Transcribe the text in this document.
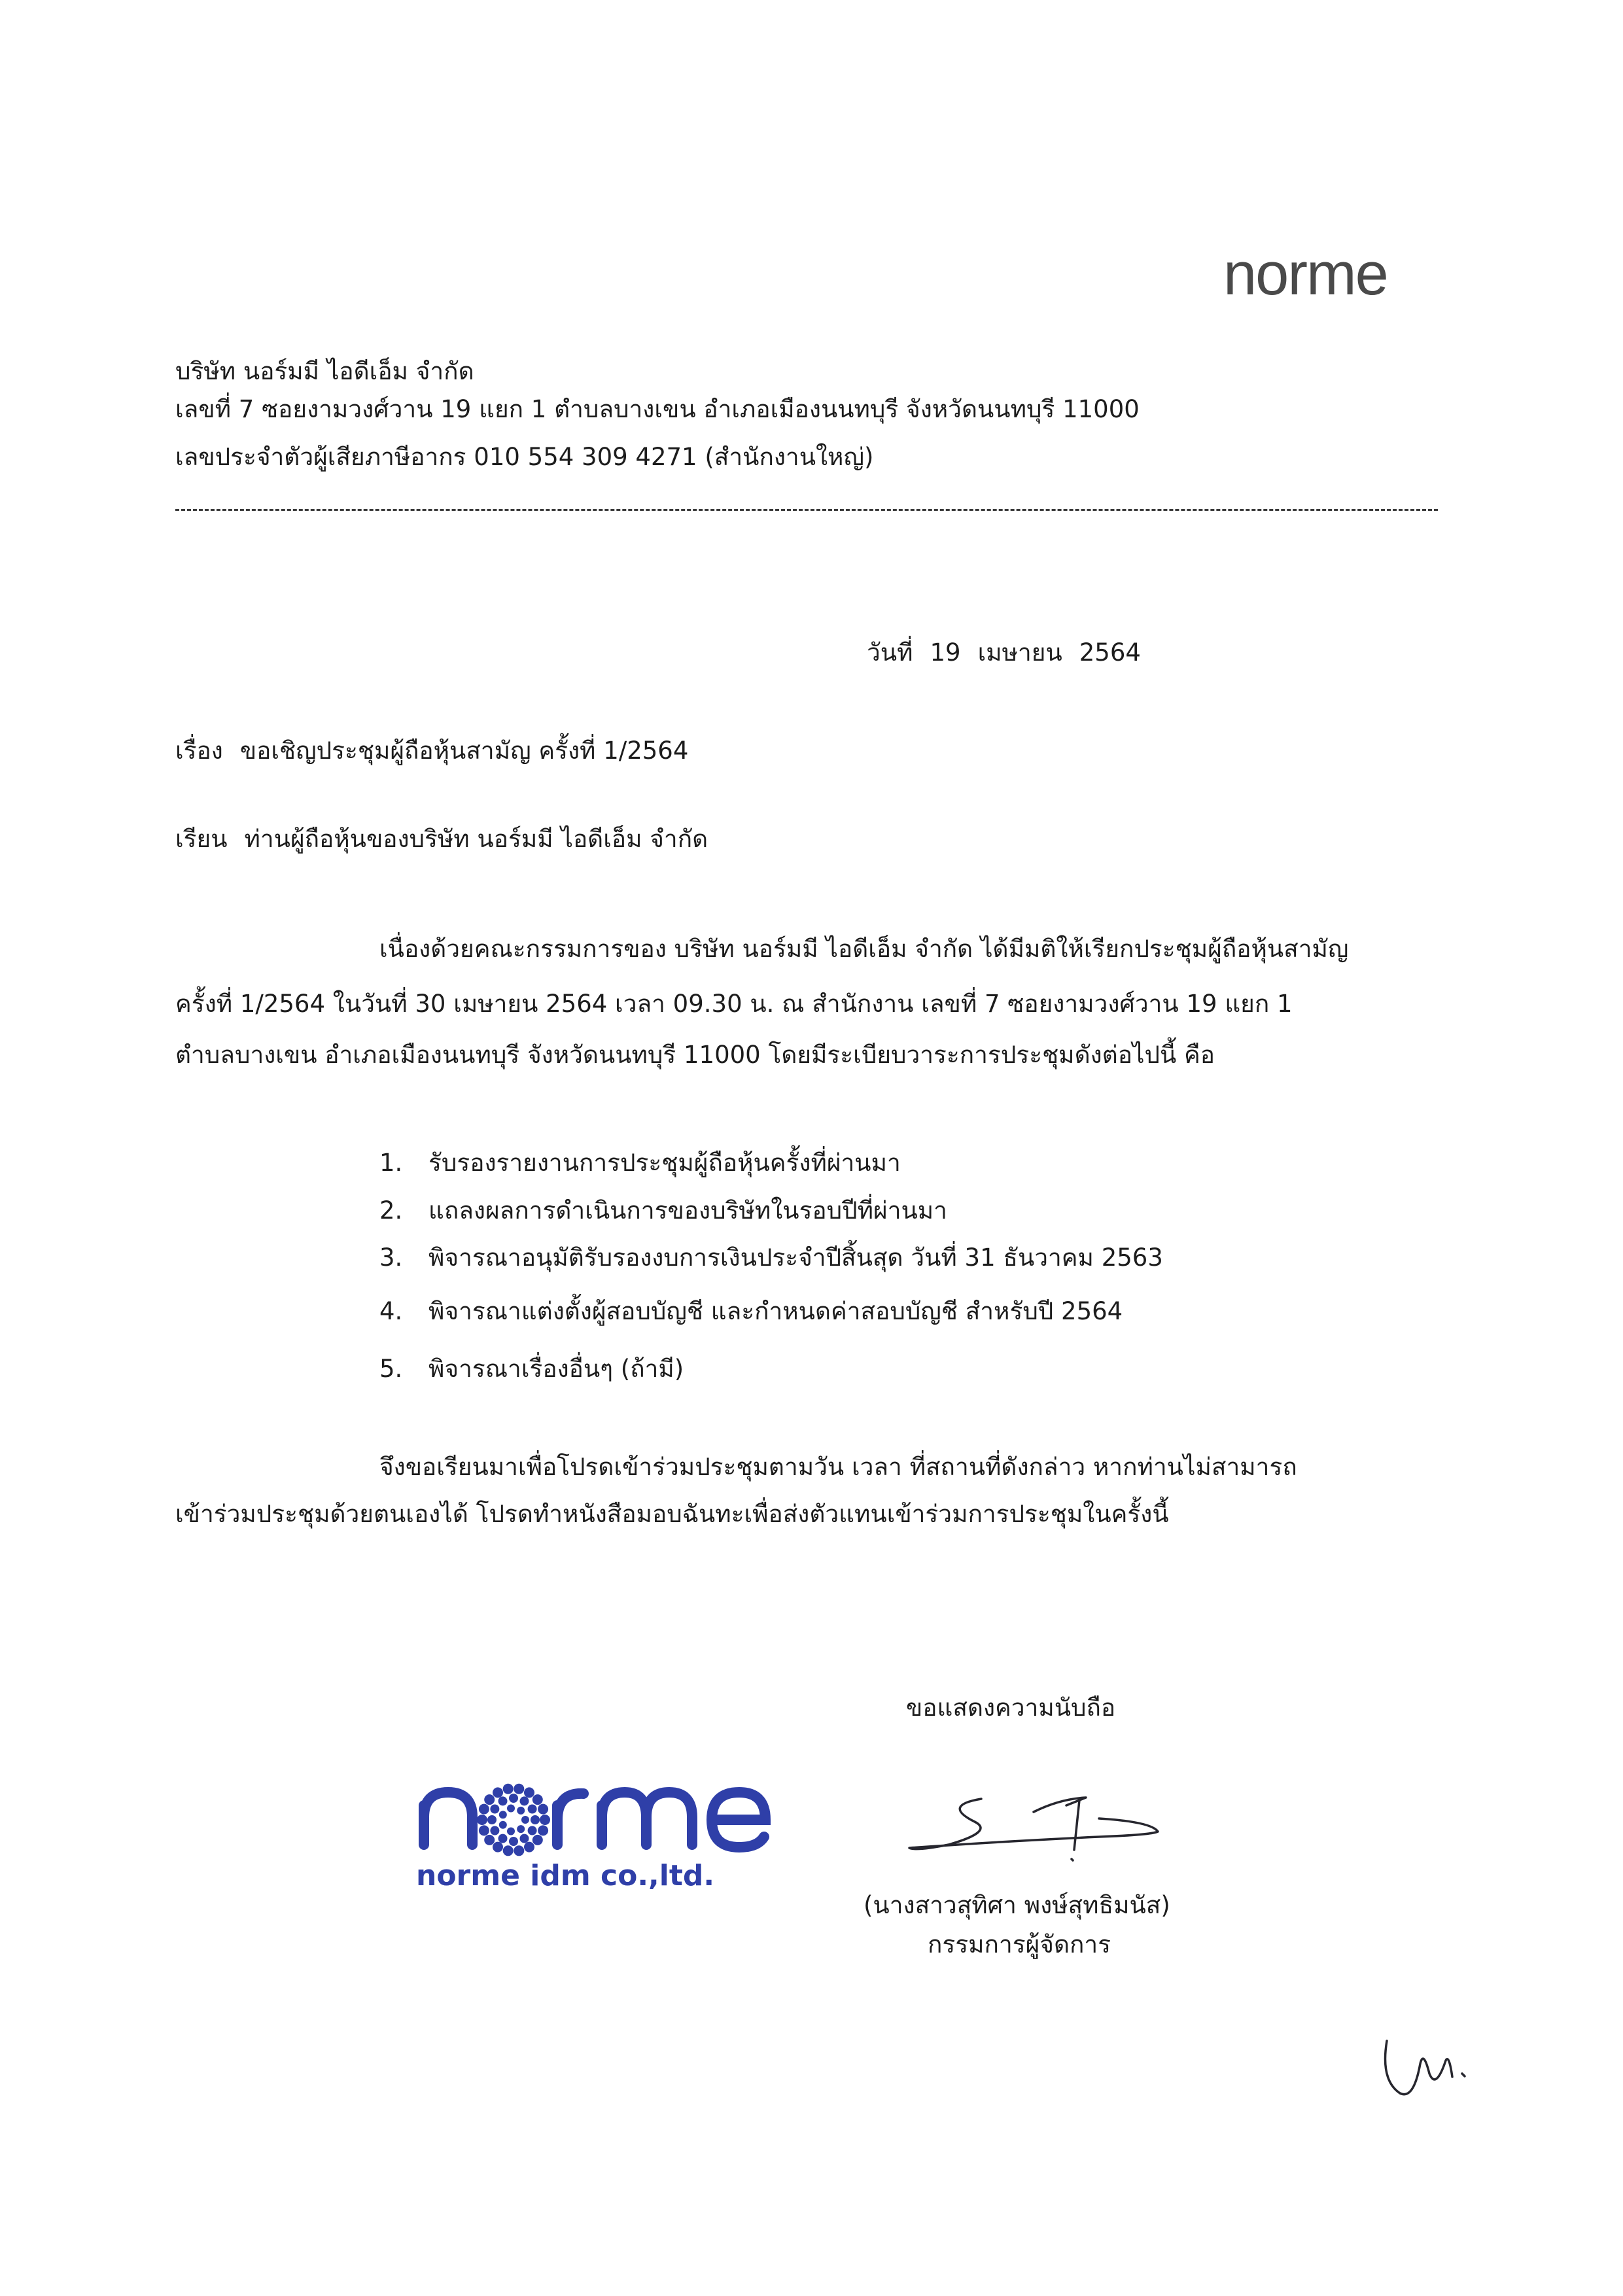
norme

บริษัท นอร์มมี ไอดีเอ็ม จำกัด

เลขที่ 7 ซอยงามวงศ์วาน 19 แยก 1 ตำบลบางเขน อำเภอเมืองนนทบุรี จังหวัดนนทบุรี 11000

เลขประจำตัวผู้เสียภาษีอากร 010 554 309 4271 (สำนักงานใหญ่)

วันที่ 19 เมษายน 2564

เรื่อง ขอเชิญประชุมผู้ถือหุ้นสามัญ ครั้งที่ 1/2564

เรียน ท่านผู้ถือหุ้นของบริษัท นอร์มมี ไอดีเอ็ม จำกัด

เนื่องด้วยคณะกรรมการของ บริษัท นอร์มมี ไอดีเอ็ม จำกัด ได้มีมติให้เรียกประชุมผู้ถือหุ้นสามัญ

ครั้งที่ 1/2564 ในวันที่ 30 เมษายน 2564 เวลา 09.30 น. ณ สำนักงาน เลขที่ 7 ซอยงามวงศ์วาน 19 แยก 1

ตำบลบางเขน อำเภอเมืองนนทบุรี จังหวัดนนทบุรี 11000 โดยมีระเบียบวาระการประชุมดังต่อไปนี้ คือ

1. รับรองรายงานการประชุมผู้ถือหุ้นครั้งที่ผ่านมา

2. แถลงผลการดำเนินการของบริษัทในรอบปีที่ผ่านมา

3. พิจารณาอนุมัติรับรองงบการเงินประจำปีสิ้นสุด วันที่ 31 ธันวาคม 2563

4. พิจารณาแต่งตั้งผู้สอบบัญชี และกำหนดค่าสอบบัญชี สำหรับปี 2564

5. พิจารณาเรื่องอื่นๆ (ถ้ามี)

จึงขอเรียนมาเพื่อโปรดเข้าร่วมประชุมตามวัน เวลา ที่สถานที่ดังกล่าว หากท่านไม่สามารถ

เข้าร่วมประชุมด้วยตนเองได้ โปรดทำหนังสือมอบฉันทะเพื่อส่งตัวแทนเข้าร่วมการประชุมในครั้งนี้

ขอแสดงความนับถือ

norme idm co.,ltd.

(นางสาวสุทิศา พงษ์สุทธิมนัส)

กรรมการผู้จัดการ
